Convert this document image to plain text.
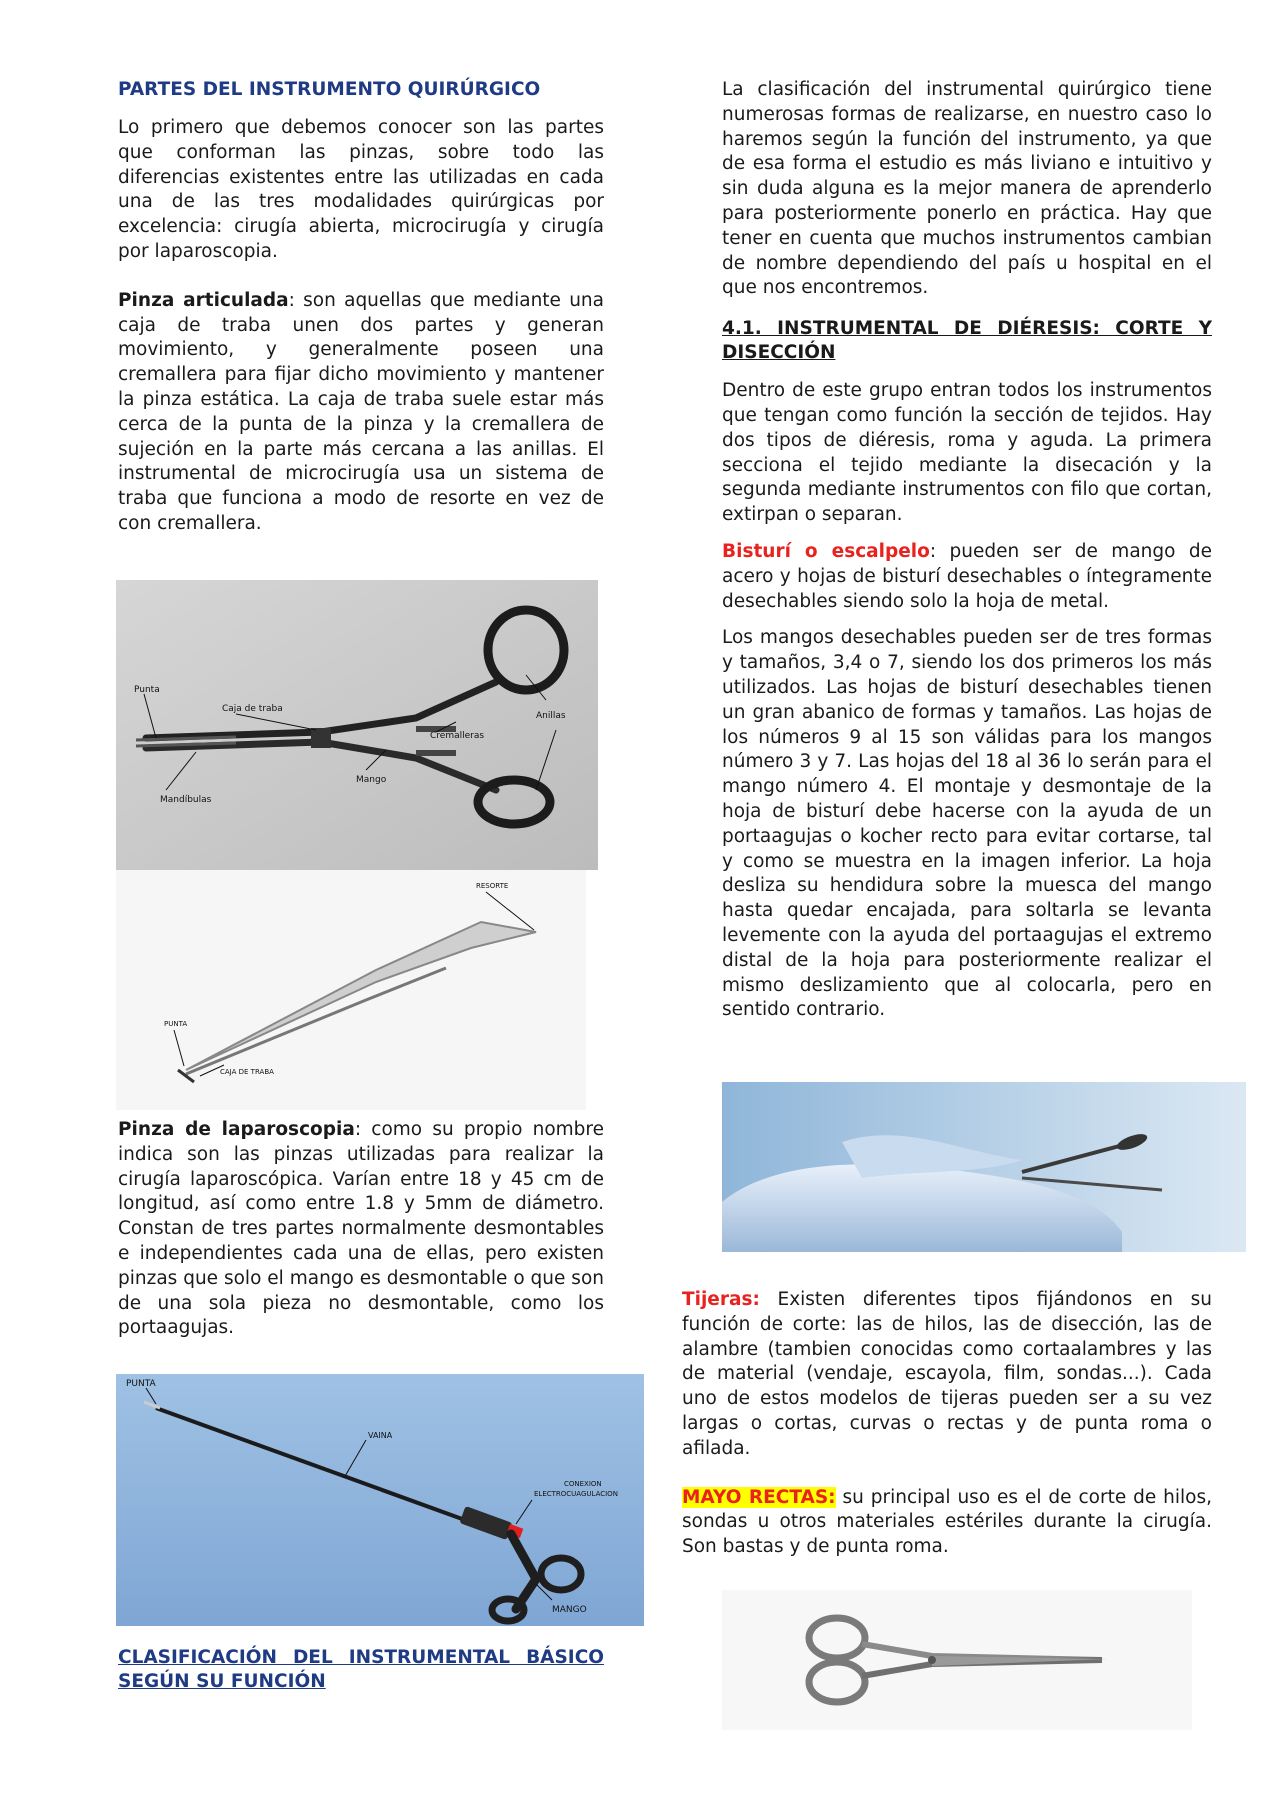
PARTES DEL INSTRUMENTO QUIRÚRGICO

Lo primero que debemos conocer son las partes que conforman las pinzas, sobre todo las diferencias existentes entre las utilizadas en cada una de las tres modalidades quirúrgicas por excelencia: cirugía abierta, microcirugía y cirugía por laparoscopia.

Pinza articulada: son aquellas que mediante una caja de traba unen dos partes y generan movimiento, y generalmente poseen una cremallera para fijar dicho movimiento y mantener la pinza estática. La caja de traba suele estar más cerca de la punta de la pinza y la cremallera de sujeción en la parte más cercana a las anillas. El instrumental de microcirugía usa un sistema de traba que funciona a modo de resorte en vez de con cremallera.

Punta
Caja de traba
Anillas
Cremalleras
Mango
Mandíbulas
RESORTE
PUNTA
CAJA DE TRABA

Pinza de laparoscopia: como su propio nombre indica son las pinzas utilizadas para realizar la cirugía laparoscópica. Varían entre 18 y 45 cm de longitud, así como entre 1.8 y 5mm de diámetro. Constan de tres partes normalmente desmontables e independientes cada una de ellas, pero existen pinzas que solo el mango es desmontable o que son de una sola pieza no desmontable, como los portaagujas.

PUNTA
VAINA
CONEXION
ELECTROCUAGULACION
MANGO
CLASIFICACIÓN DEL INSTRUMENTAL BÁSICO SEGÚN SU FUNCIÓN

La clasificación del instrumental quirúrgico tiene numerosas formas de realizarse, en nuestro caso lo haremos según la función del instrumento, ya que de esa forma el estudio es más liviano e intuitivo y sin duda alguna es la mejor manera de aprenderlo para posteriormente ponerlo en práctica. Hay que tener en cuenta que muchos instrumentos cambian de nombre dependiendo del país u hospital en el que nos encontremos.

4.1. INSTRUMENTAL DE DIÉRESIS: CORTE Y DISECCIÓN

Dentro de este grupo entran todos los instrumentos que tengan como función la sección de tejidos. Hay dos tipos de diéresis, roma y aguda. La primera secciona el tejido mediante la disecación y la segunda mediante instrumentos con filo que cortan, extirpan o separan.

Bisturí o escalpelo: pueden ser de mango de acero y hojas de bisturí desechables o íntegramente desechables siendo solo la hoja de metal.

Los mangos desechables pueden ser de tres formas y tamaños, 3,4 o 7, siendo los dos primeros los más utilizados. Las hojas de bisturí desechables tienen un gran abanico de formas y tamaños. Las hojas de los números 9 al 15 son válidas para los mangos número 3 y 7. Las hojas del 18 al 36 lo serán para el mango número 4. El montaje y desmontaje de la hoja de bisturí debe hacerse con la ayuda de un portaagujas o kocher recto para evitar cortarse, tal y como se muestra en la imagen inferior. La hoja desliza su hendidura sobre la muesca del mango hasta quedar encajada, para soltarla se levanta levemente con la ayuda del portaagujas el extremo distal de la hoja para posteriormente realizar el mismo deslizamiento que al colocarla, pero en sentido contrario.

Tijeras: Existen diferentes tipos fijándonos en su función de corte: las de hilos, las de disección, las de alambre (tambien conocidas como cortaalambres y las de material (vendaje, escayola, film, sondas...). Cada uno de estos modelos de tijeras pueden ser a su vez largas o cortas, curvas o rectas y de punta roma o afilada.

MAYO RECTAS: su principal uso es el de corte de hilos, sondas u otros materiales estériles durante la cirugía. Son bastas y de punta roma.
